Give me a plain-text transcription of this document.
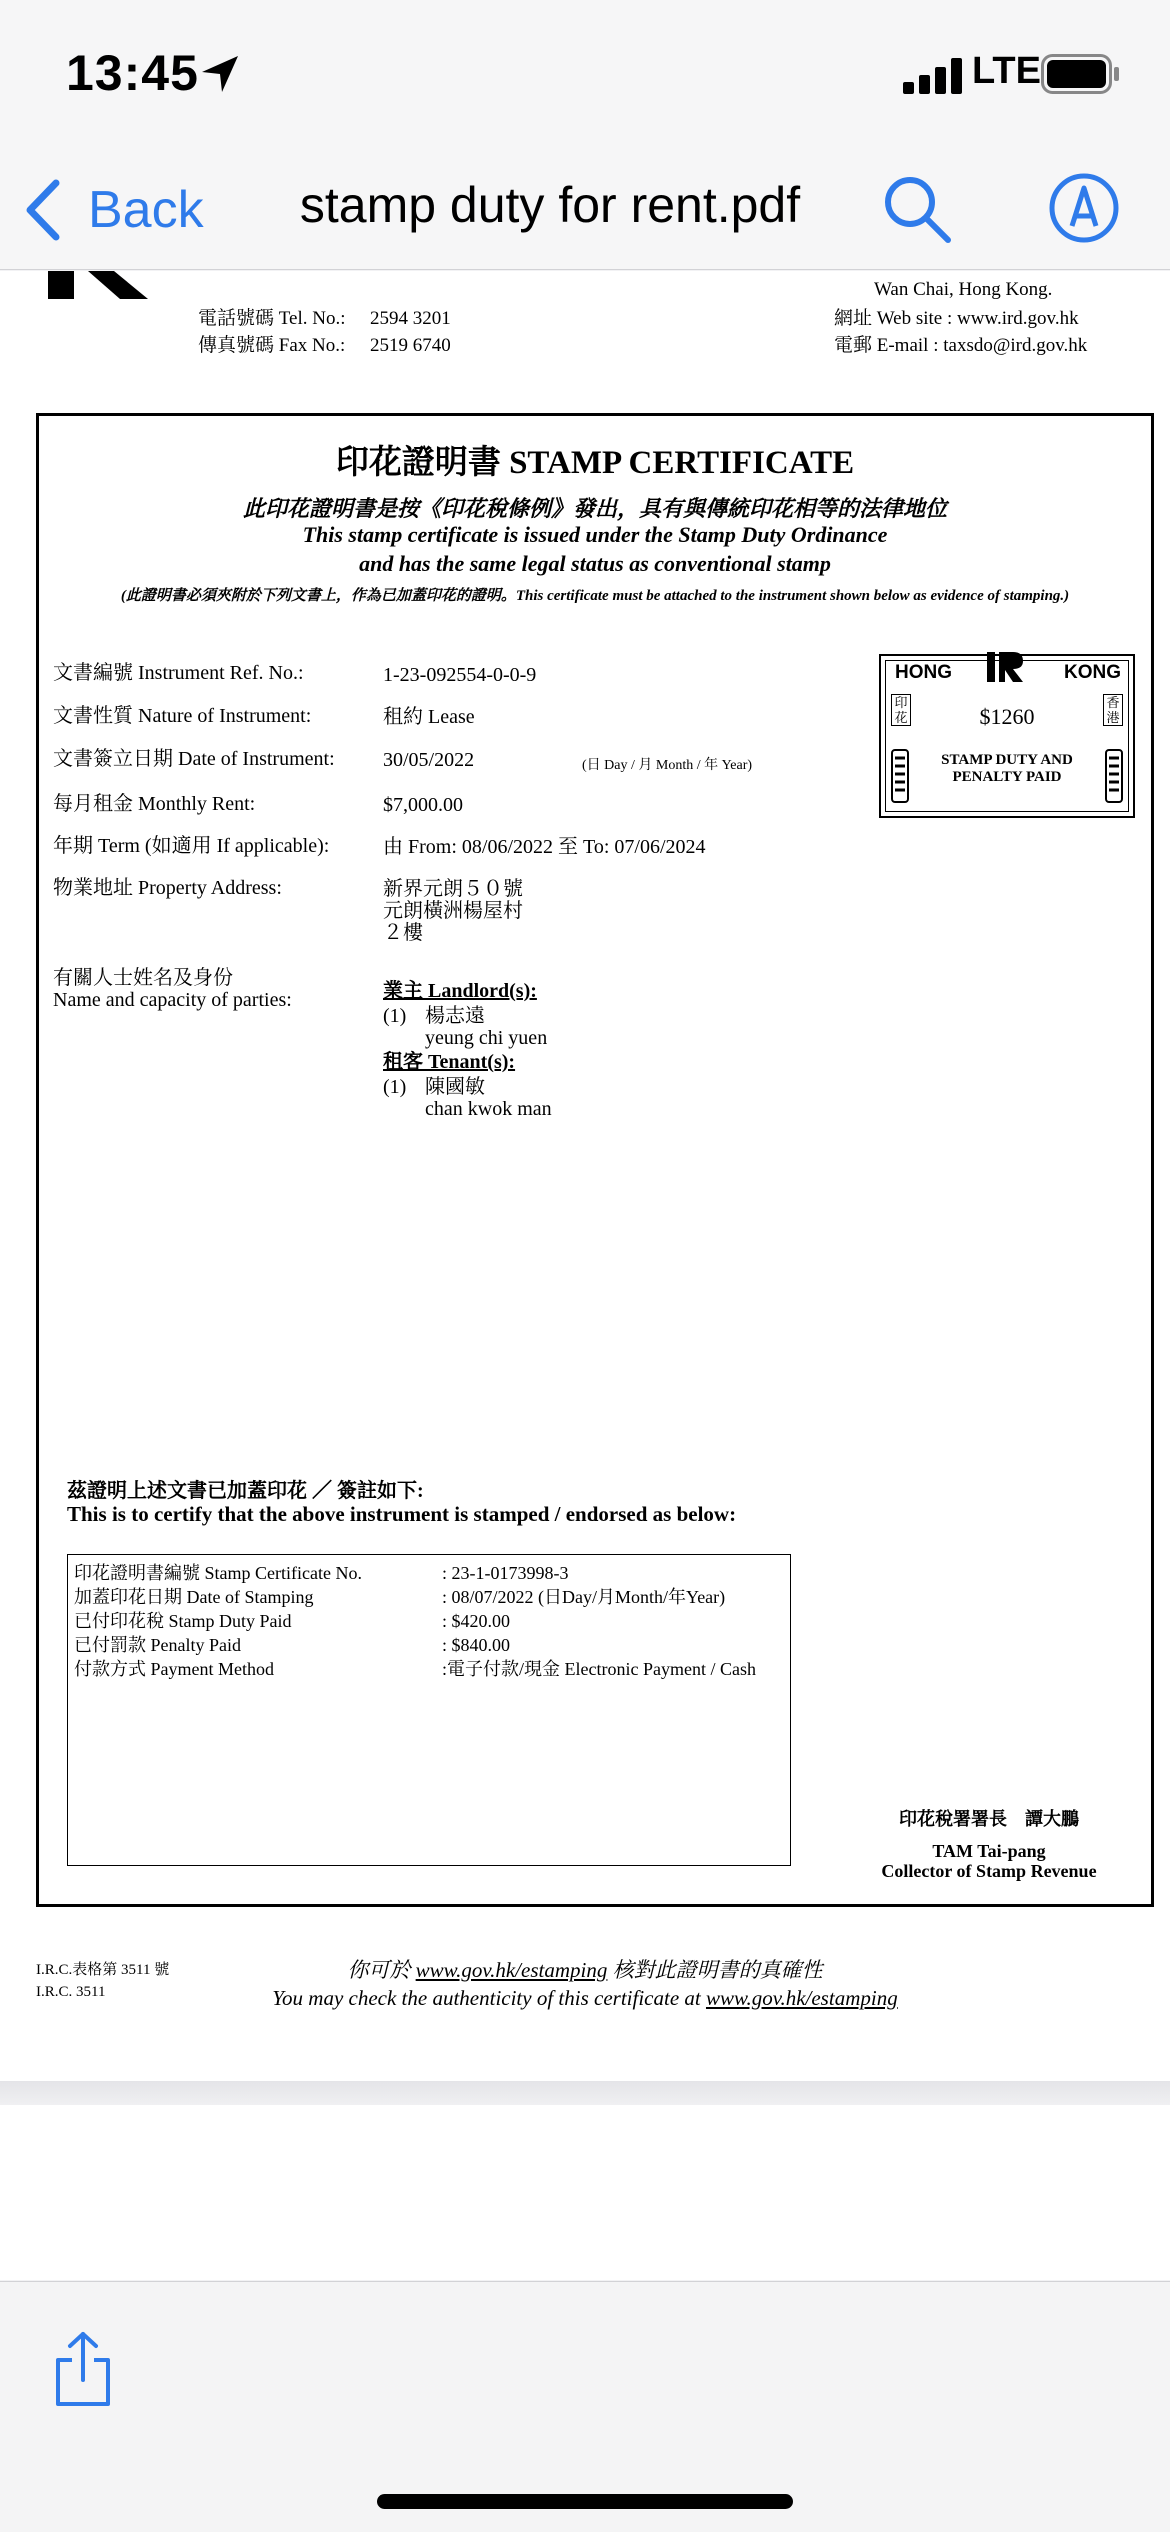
13:45	LTE
Back	stamp duty for rent.pdf
電話號碼 Tel. No.: 2594 3201
傳真號碼 Fax No.: 2519 6740
Wan Chai, Hong Kong.
網址 Web site : www.ird.gov.hk
電郵 E-mail : taxsdo@ird.gov.hk
印花證明書 STAMP CERTIFICATE
此印花證明書是按《印花稅條例》發出，具有與傳統印花相等的法律地位
This stamp certificate is issued under the Stamp Duty Ordinance
and has the same legal status as conventional stamp
(此證明書必須夾附於下列文書上，作為已加蓋印花的證明。This certificate must be attached to the instrument shown below as evidence of stamping.)
文書編號 Instrument Ref. No.:	1-23-092554-0-0-9
文書性質 Nature of Instrument:	租約 Lease
文書簽立日期 Date of Instrument: 30/05/2022	(日 Day / 月 Month / 年 Year)
每月租金 Monthly Rent:	$7,000.00
年期 Term (如適用 If applicable):	由 From: 08/06/2022 至 To: 07/06/2024
物業地址 Property Address:	新界元朗５０號
元朗橫洲楊屋村
２樓
有關人士姓名及身份
Name and capacity of parties:	業主 Landlord(s):
(1) 楊志遠
yeung chi yuen
租客 Tenant(s):
(1) 陳國敏
chan kwok man
HONG	KONG
印花
香港
$1260
STAMP DUTY AND
PENALTY PAID
茲證明上述文書已加蓋印花 ／ 簽註如下:
This is to certify that the above instrument is stamped / endorsed as below:
印花證明書編號 Stamp Certificate No.	: 23-1-0173998-3
加蓋印花日期 Date of Stamping	: 08/07/2022 (日Day/月Month/年Year)
已付印花稅 Stamp Duty Paid	: $420.00
已付罰款 Penalty Paid	: $840.00
付款方式 Payment Method	:電子付款/現金 Electronic Payment / Cash
印花稅署署長　譚大鵬
TAM Tai-pang
Collector of Stamp Revenue
I.R.C.表格第 3511 號
I.R.C. 3511
你可於 www.gov.hk/estamping 核對此證明書的真確性
You may check the authenticity of this certificate at www.gov.hk/estamping
